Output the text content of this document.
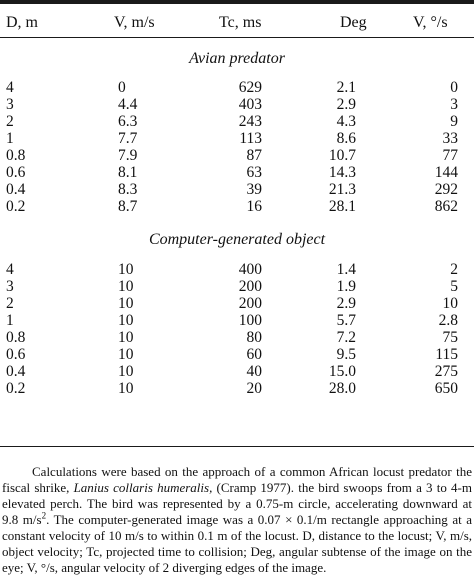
D, m	V, m/s	Tc, ms	Deg	V, °/s
Avian predator
4	0	629	2.1	0
3	4.4	403	2.9	3
2	6.3	243	4.3	9
1	7.7	113	8.6	33
0.8	7.9	87	10.7	77
0.6	8.1	63	14.3	144
0.4	8.3	39	21.3	292
0.2	8.7	16	28.1	862
Computer-generated object
4	10	400	1.4	2
3	10	200	1.9	5
2	10	200	2.9	10
1	10	100	5.7	2.8
0.8	10	80	7.2	75
0.6	10	60	9.5	115
0.4	10	40	15.0	275
0.2	10	20	28.0	650
Calculations were based on the approach of a common African locust predator the fiscal shrike, Lanius collaris humeralis, (Cramp 1977). the bird swoops from a 3 to 4-m elevated perch. The bird was represented by a 0.75-m circle, accelerating downward at 9.8 $m/s^2$. The computer-generated image was a 0.07 × 0.1/m rectangle approaching at a constant velocity of 10 m/s to within 0.1 m of the locust. D, distance to the locust; V, m/s, object velocity; Tc, projected time to collision; Deg, angular subtense of the image on the eye; V, °/s, angular velocity of 2 diverging edges of the image.
